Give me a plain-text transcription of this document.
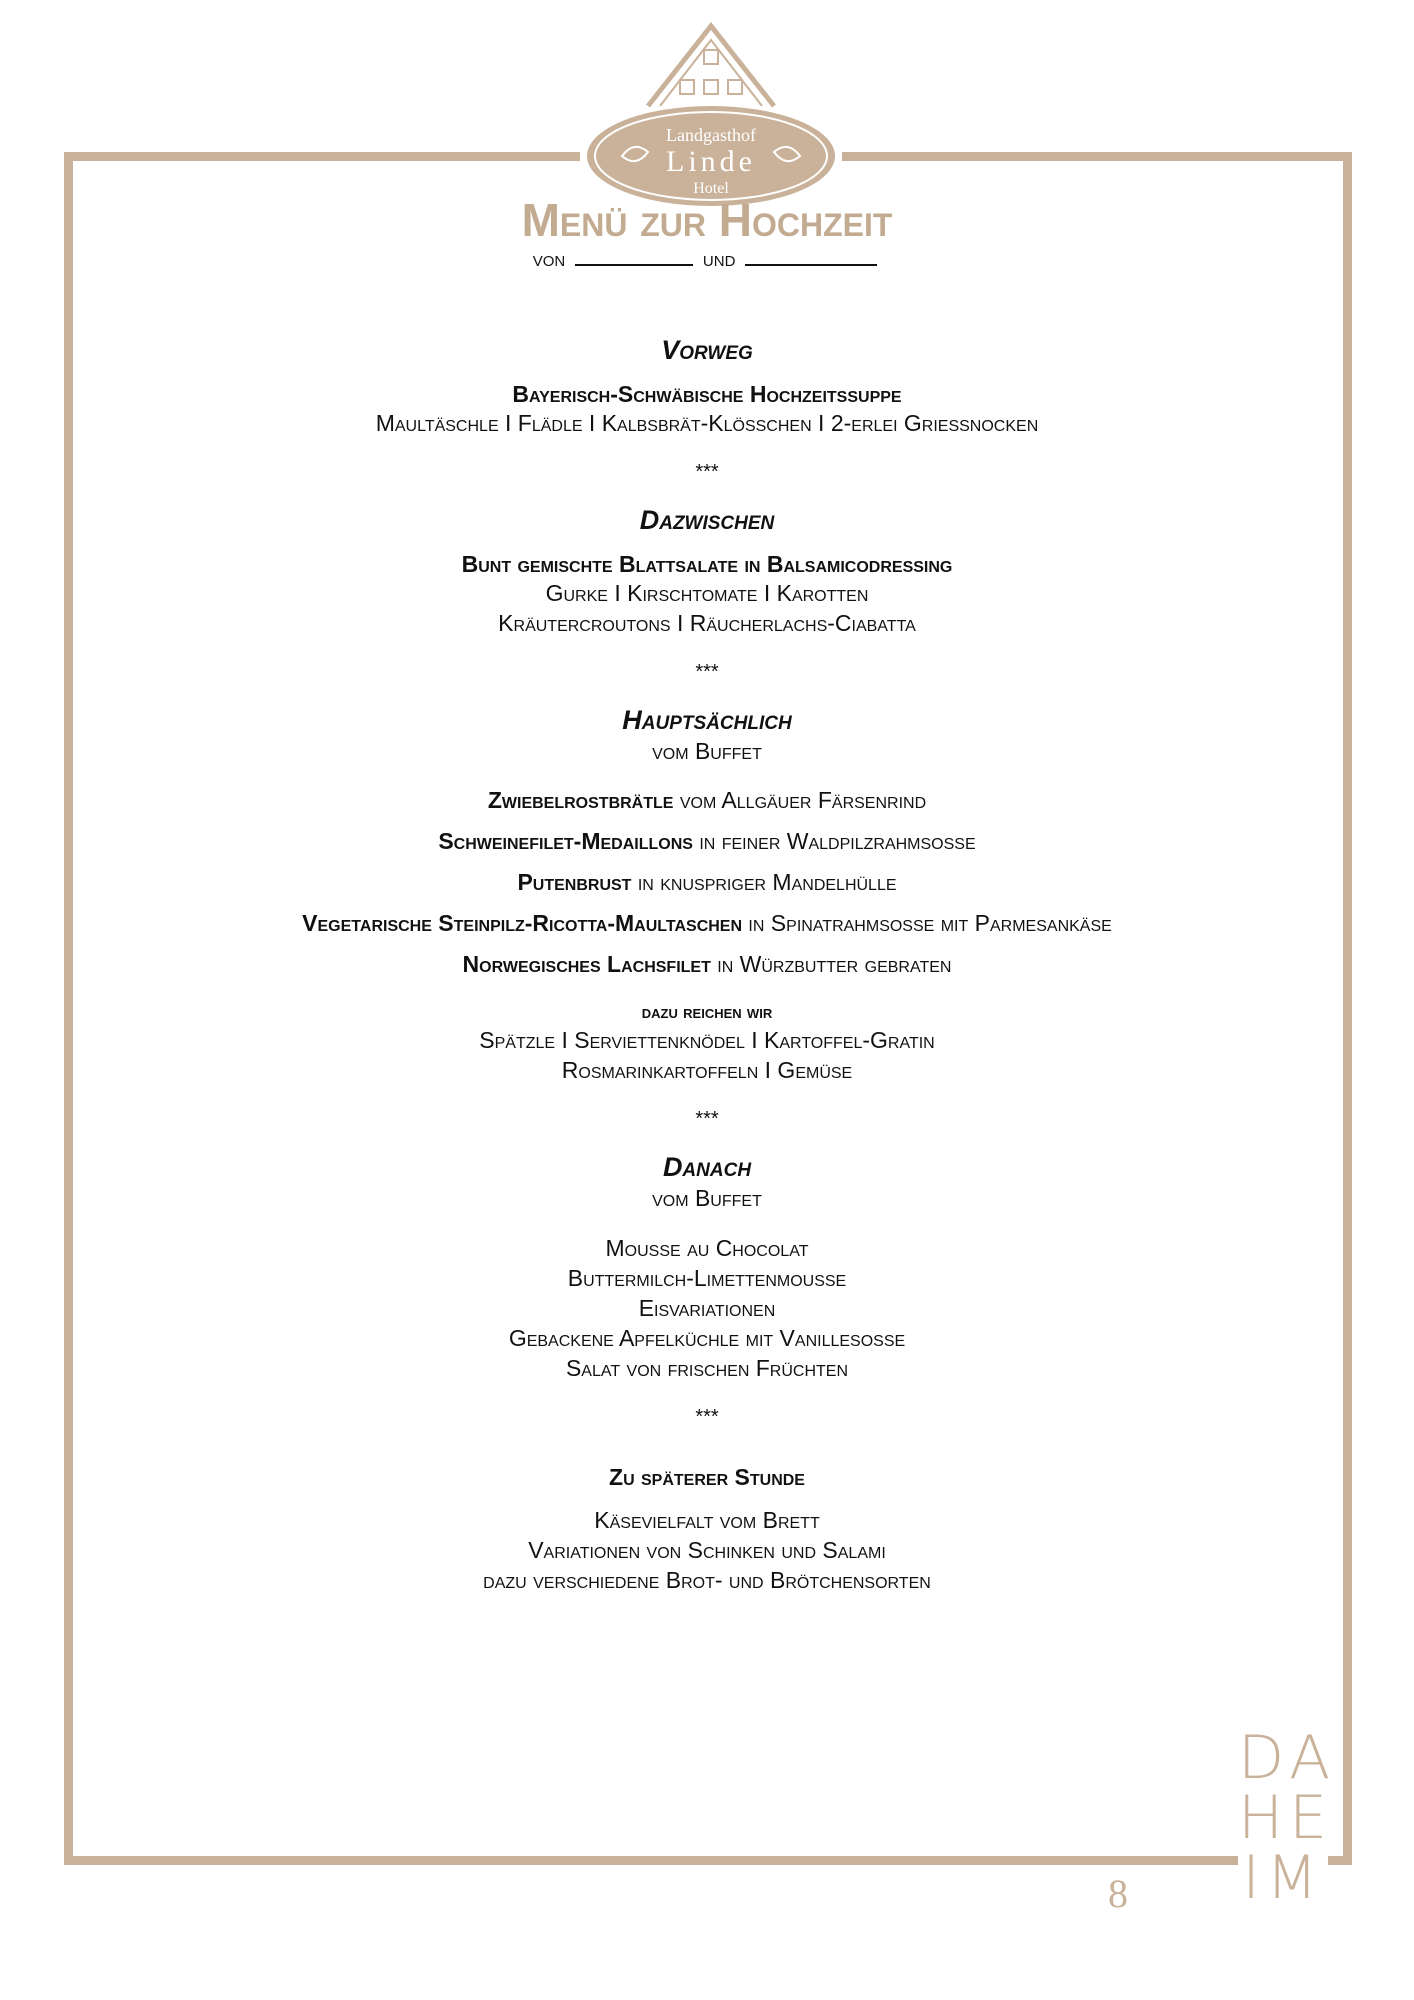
Landgasthof
Linde
Hotel
Menü zur Hochzeit
von	und
Vorweg
Bayerisch-Schwäbische Hochzeitssuppe
Maultäschle I Flädle I Kalbsbrät-Klößchen I 2-erlei Grießnocken
***
Dazwischen
Bunt gemischte Blattsalate in Balsamicodressing
Gurke I Kirschtomate I Karotten
Kräutercroutons I Räucherlachs-Ciabatta
***
Hauptsächlich
vom Buffet
Zwiebelrostbrätle vom Allgäuer Färsenrind
Schweinefilet-Medaillons in feiner Waldpilzrahmsoße
Putenbrust in knuspriger Mandelhülle
Vegetarische Steinpilz-Ricotta-Maultaschen in Spinatrahmsoße mit Parmesankäse
Norwegisches Lachsfilet in Würzbutter gebraten
dazu reichen wir
Spätzle I Serviettenknödel I Kartoffel-Gratin
Rosmarinkartoffeln I Gemüse
***
Danach
vom Buffet
Mousse au Chocolat
Buttermilch-Limettenmousse
Eisvariationen
Gebackene Apfelküchle mit Vanillesoße
Salat von frischen Früchten
***
Zu späterer Stunde
Käsevielfalt vom Brett
Variationen von Schinken und Salami
dazu verschiedene Brot- und Brötchensorten
DA
HE
IM
8
